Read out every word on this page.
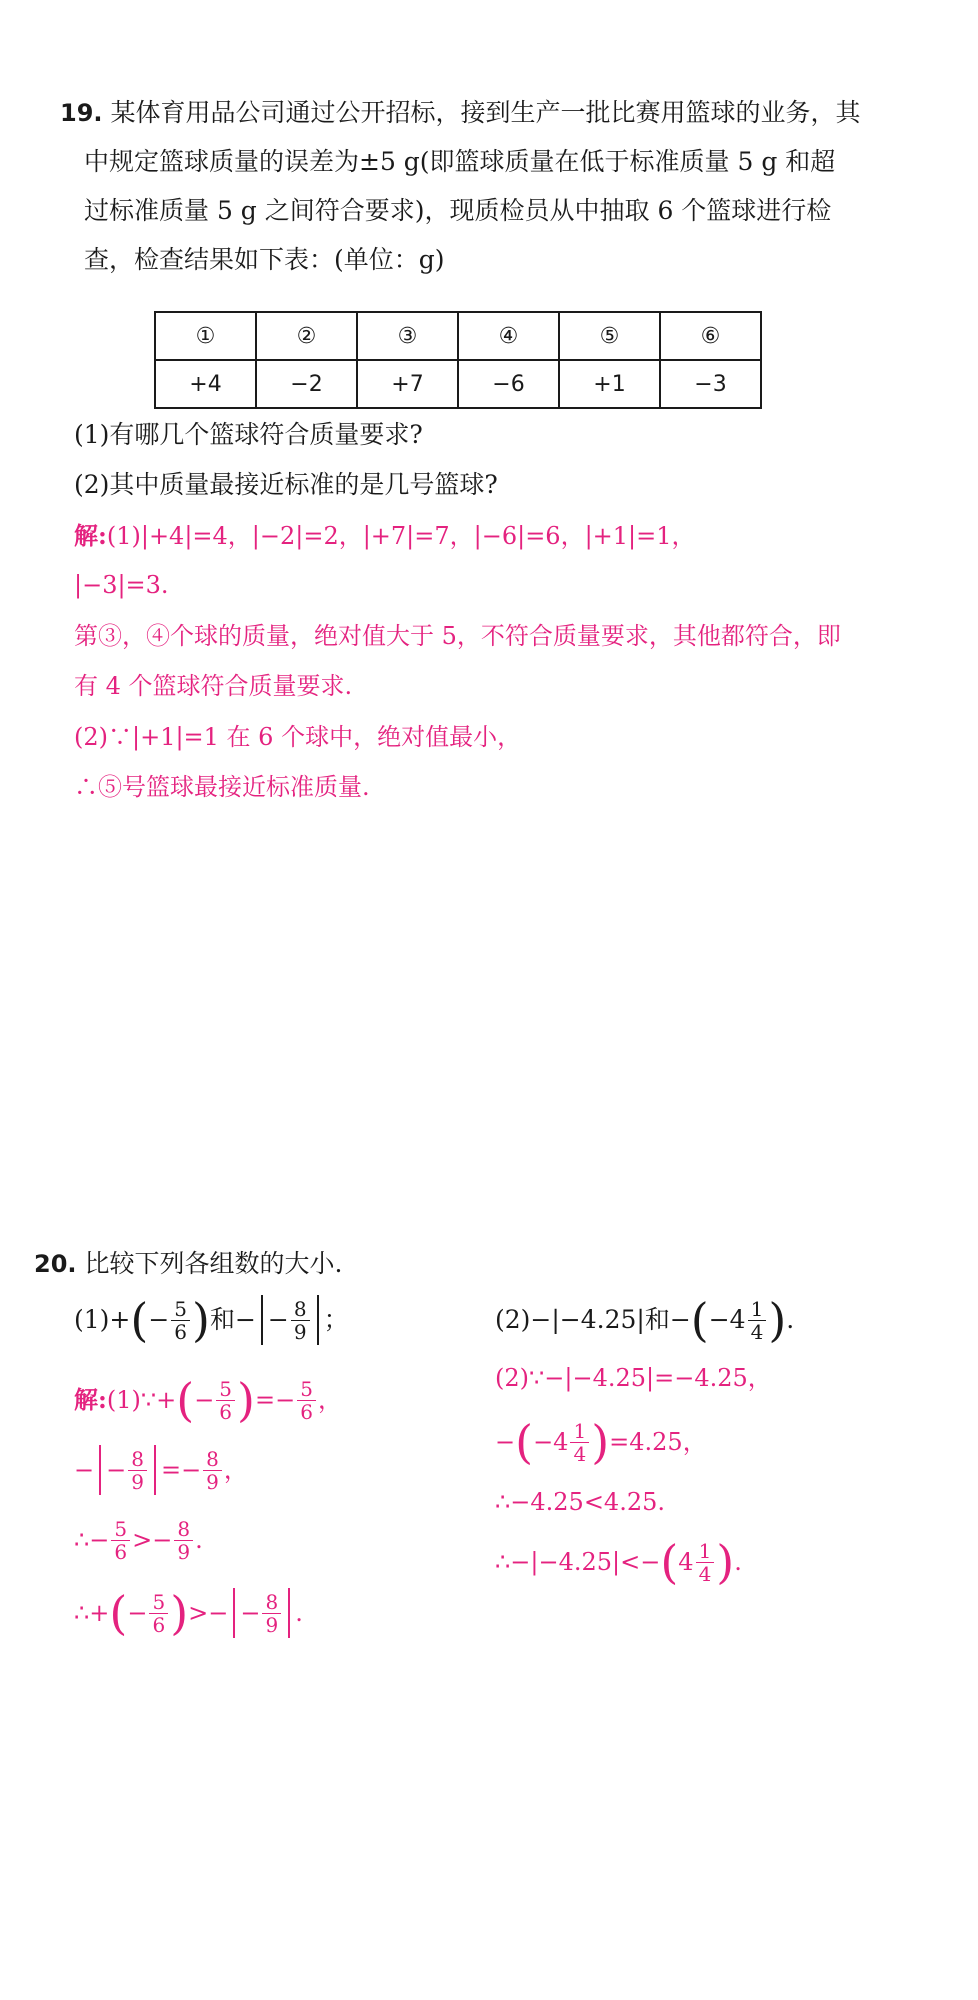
19. 某体育用品公司通过公开招标，接到生产一批比赛用篮球的业务，其
中规定篮球质量的误差为±5 g(即篮球质量在低于标准质量 5 g 和超
过标准质量 5 g 之间符合要求)，现质检员从中抽取 6 个篮球进行检
查，检查结果如下表：(单位：g)
①	②	③	④	⑤	⑥
+4	−2	+7	−6	+1	−3
(1)有哪几个篮球符合质量要求?
(2)其中质量最接近标准的是几号篮球?
解:(1)|+4|=4，|−2|=2，|+7|=7，|−6|=6，|+1|=1，
|−3|=3.
第③，④个球的质量，绝对值大于 5，不符合质量要求，其他都符合，即
有 4 个篮球符合质量要求.
(2)∵|+1|=1 在 6 个球中，绝对值最小，
∴⑤号篮球最接近标准质量.
20. 比较下列各组数的大小.
(1)+ ( − $\frac{5}{6}$ ) 和− − $\frac{8}{9}$ ；	(2)−|−4.25|和− ( $-4 \frac{1}{4}$ ) .
解: (1)∵+ ( − $\frac{5}{6}$ ) =− $\frac{5}{6}$ ，
− − $\frac{8}{9} =- \frac{8}{9}$ ，
∴− $\frac{5}{6} >- \frac{8}{9}$ .
∴+ ( − $\frac{5}{6}$ ) >− − $\frac{8}{9}$ .
(2)∵−|−4.25|=−4.25，
− ( $-4 \frac{1}{4}$ ) =4.25，
∴−4.25<4.25.
∴−|−4.25|<− ( $4 \frac{1}{4}$ ) .
